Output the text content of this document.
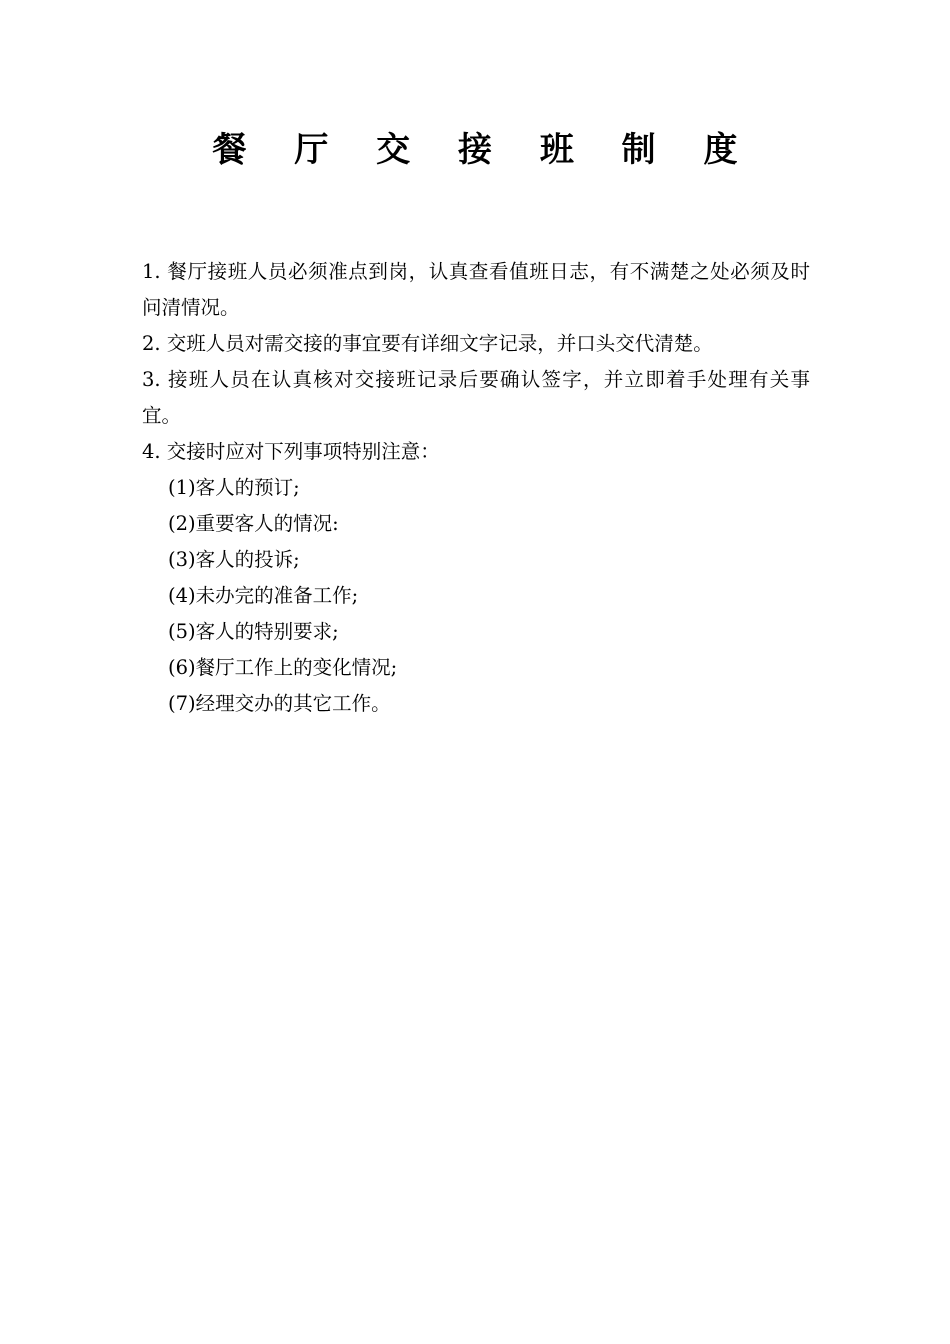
餐 厅 交 接 班 制 度

1. 餐厅接班人员必须准点到岗，认真查看值班日志，有不满楚之处必须及时问清情况。

2. 交班人员对需交接的事宜要有详细文字记录，并口头交代清楚。

3. 接班人员在认真核对交接班记录后要确认签字，并立即着手处理有关事宜。

4. 交接时应对下列事项特别注意：

(1)客人的预订;
(2)重要客人的情况:
(3)客人的投诉;
(4)未办完的准备工作;
(5)客人的特别要求;
(6)餐厅工作上的变化情况;
(7)经理交办的其它工作。
